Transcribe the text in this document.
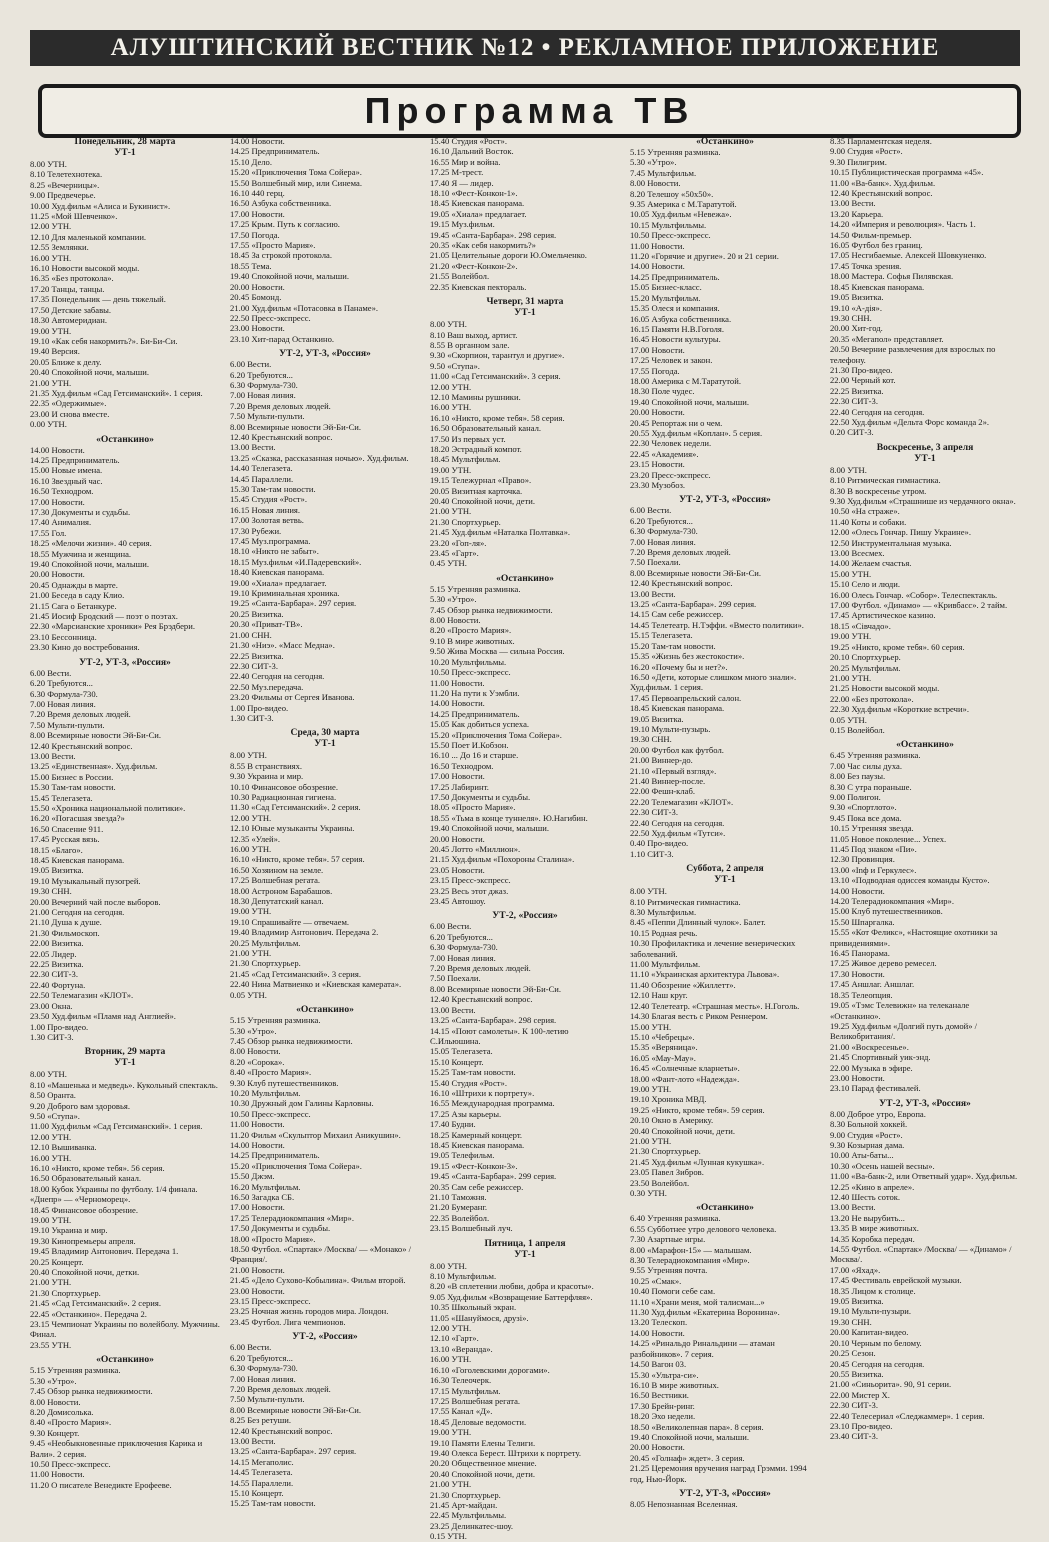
АЛУШТИНСКИЙ ВЕСТНИК №12 • РЕКЛАМНОЕ ПРИЛОЖЕНИЕ
Программа ТВ
Понедельник, 28 марта
УТ-1
8.00 УТН.
8.10 Телетехнотека.
8.25 «Вечерницы».
9.00 Предвечерье.
10.00 Худ.фильм «Алиса и Букинист».
11.25 «Мой Шевченко».
12.00 УТН.
12.10 Для маленькой компании.
12.55 Землянки.
16.00 УТН.
16.10 Новости высокой моды.
16.35 «Без протокола».
17.20 Танцы, танцы.
17.35 Понедельник — день тяжелый.
17.50 Детские забавы.
18.30 Автомеридиан.
19.00 УТН.
19.10 «Как себя накормить?». Би-Би-Си.
19.40 Версия.
20.05 Ближе к делу.
20.40 Спокойной ночи, малыши.
21.00 УТН.
21.35 Худ.фильм «Сад Гетсиманский». 1 серия.
22.35 «Одержимые».
23.00 И снова вместе.
0.00 УТН.
«Останкино»
14.00 Новости.
14.25 Предприниматель.
15.00 Новые имена.
16.10 Звездный час.
16.50 Технодром.
17.00 Новости.
17.30 Документы и судьбы.
17.40 Анималия.
17.55 Гол.
18.25 «Мелочи жизни». 40 серия.
18.55 Мужчина и женщина.
19.40 Спокойной ночи, малыши.
20.00 Новости.
20.45 Однажды в марте.
21.00 Беседа в саду Клио.
21.15 Сага о Бетанкуре.
21.45 Иосиф Бродский — поэт о поэтах.
22.30 «Марсианские хроники» Рея Брэдбери.
23.10 Бессонница.
23.30 Кино до востребования.
УТ-2, УТ-3, «Россия»
6.00 Вести.
6.20 Требуются...
6.30 Формула-730.
7.00 Новая линия.
7.20 Время деловых людей.
7.50 Мульти-пульти.
8.00 Всемирные новости Эй-Би-Си.
12.40 Крестьянский вопрос.
13.00 Вести.
13.25 «Единственная». Худ.фильм.
15.00 Бизнес в России.
15.30 Там-там новости.
15.45 Телегазета.
15.50 «Хроника национальной политики».
16.20 «Погасшая звезда?»
16.50 Спасение 911.
17.45 Русская вязь.
18.15 «Благо».
18.45 Киевская панорама.
19.05 Визитка.
19.10 Музыкальный пузогрей.
19.30 СНН.
20.00 Вечерний чай после выборов.
21.00 Сегодня на сегодня.
21.10 Душа к душе.
21.30 Фильмоскоп.
22.00 Визитка.
22.05 Лидер.
22.25 Визитка.
22.30 СИТ-3.
22.40 Фортуна.
22.50 Телемагазин «КЛОТ».
23.00 Окна.
23.50 Худ.фильм «Пламя над Англией».
1.00 Про-видео.
1.30 СИТ-3.
Вторник, 29 марта
УТ-1
8.00 УТН.
8.10 «Машенька и медведь». Кукольный спектакль.
8.50 Оранта.
9.20 Доброго вам здоровья.
9.50 «Ступа».
11.00 Худ.фильм «Сад Гетсиманский». 1 серия.
12.00 УТН.
12.10 Вышиванка.
16.00 УТН.
16.10 «Никто, кроме тебя». 56 серия.
16.50 Образовательный канал.
18.00 Кубок Украины по футболу. 1/4 финала. «Днепр» — «Черноморец».
18.45 Финансовое обозрение.
19.00 УТН.
19.10 Украина и мир.
19.30 Кинопремьеры апреля.
19.45 Владимир Антонович. Передача 1.
20.25 Концерт.
20.40 Спокойной ночи, детки.
21.00 УТН.
21.30 Спортхурьер.
21.45 «Сад Гетсиманский». 2 серия.
22.45 «Останкино». Передача 2.
23.15 Чемпионат Украины по волейболу. Мужчины. Финал.
23.55 УТН.
«Останкино»
5.15 Утренняя разминка.
5.30 «Утро».
7.45 Обзор рынка недвижимости.
8.00 Новости.
8.20 Домисолька.
8.40 «Просто Мария».
9.30 Концерт.
9.45 «Необыкновенные приключения Карика и Вали». 2 серия.
10.50 Пресс-экспресс.
11.00 Новости.
11.20 О писателе Венедикте Ерофееве.
14.00 Новости.
14.25 Предприниматель.
15.10 Дело.
15.20 «Приключения Тома Сойера».
15.50 Волшебный мир, или Синема.
16.10 440 герц.
16.50 Азбука собственника.
17.00 Новости.
17.25 Крым. Путь к согласию.
17.50 Погода.
17.55 «Просто Мария».
18.45 За строкой протокола.
18.55 Тема.
19.40 Спокойной ночи, малыши.
20.00 Новости.
20.45 Бомонд.
21.00 Худ.фильм «Потасовка в Панаме».
22.50 Пресс-экспресс.
23.00 Новости.
23.10 Хит-парад Останкино.
УТ-2, УТ-3, «Россия»
6.00 Вести.
6.20 Требуются...
6.30 Формула-730.
7.00 Новая линия.
7.20 Время деловых людей.
7.50 Мульти-пульти.
8.00 Всемирные новости Эй-Би-Си.
12.40 Крестьянский вопрос.
13.00 Вести.
13.25 «Сказка, рассказанная ночью». Худ.фильм.
14.40 Телегазета.
14.45 Параллели.
15.30 Там-там новости.
15.45 Студия «Рост».
16.15 Новая линия.
17.00 Золотая ветвь.
17.30 Рубежи.
17.45 Муз.программа.
18.10 «Никто не забыт».
18.15 Муз.фильм «И.Падеревский».
18.40 Киевская панорама.
19.00 «Хиала» предлагает.
19.10 Криминальная хроника.
19.25 «Санта-Барбара». 297 серия.
20.25 Визитка.
20.30 «Приват-ТВ».
21.00 СНН.
21.30 «Ниэ». «Масс Медна».
22.25 Визитка.
22.30 СИТ-3.
22.40 Сегодня на сегодня.
22.50 Муз.передача.
23.20 Фильмы от Сергея Иванова.
1.00 Про-видео.
1.30 СИТ-3.
Среда, 30 марта
УТ-1
8.00 УТН.
8.55 В странствиях.
9.30 Украина и мир.
10.10 Финансовое обозрение.
10.30 Радиационная гигиена.
11.30 «Сад Гетсиманский». 2 серия.
12.00 УТН.
12.10 Юные музыканты Украины.
12.35 «Улей».
16.00 УТН.
16.10 «Никто, кроме тебя». 57 серия.
16.50 Хозяином на земле.
17.25 Волшебная регата.
18.00 Астроном Барабашов.
18.30 Депутатский канал.
19.00 УТН.
19.10 Спрашивайте — отвечаем.
19.40 Владимир Антонович. Передача 2.
20.25 Мультфильм.
21.00 УТН.
21.30 Спортхурьер.
21.45 «Сад Гетсиманский». 3 серия.
22.40 Нина Матвиенко и «Киевская камерата».
0.05 УТН.
«Останкино»
5.15 Утренняя разминка.
5.30 «Утро».
7.45 Обзор рынка недвижимости.
8.00 Новости.
8.20 «Сорока».
8.40 «Просто Мария».
9.30 Клуб путешественников.
10.20 Мультфильм.
10.30 Дружный дом Галины Карловны.
10.50 Пресс-экспресс.
11.00 Новости.
11.20 Фильм «Скульптор Михаил Аникушин».
14.00 Новости.
14.25 Предприниматель.
15.20 «Приключения Тома Сойера».
15.50 Джэм.
16.20 Мультфильм.
16.50 Загадка СБ.
17.00 Новости.
17.25 Телерадиокомпания «Мир».
17.50 Документы и судьбы.
18.00 «Просто Мария».
18.50 Футбол. «Спартак» /Москва/ — «Монако» /Франция/.
21.00 Новости.
21.45 «Дело Сухово-Кобылина». Фильм второй.
23.00 Новости.
23.15 Пресс-экспресс.
23.25 Ночная жизнь городов мира. Лондон.
23.45 Футбол. Лига чемпионов.
УТ-2, «Россия»
6.00 Вести.
6.20 Требуются...
6.30 Формула-730.
7.00 Новая линия.
7.20 Время деловых людей.
7.50 Мульти-пульти.
8.00 Всемирные новости Эй-Би-Си.
8.25 Без ретуши.
12.40 Крестьянский вопрос.
13.00 Вести.
13.25 «Санта-Барбара». 297 серия.
14.15 Мегаполис.
14.45 Телегазета.
14.55 Параллели.
15.10 Концерт.
15.25 Там-там новости.
15.40 Студия «Рост».
16.10 Дальний Восток.
16.55 Мир и война.
17.25 М-трест.
17.40 Я — лидер.
18.10 «Фест-Конкон-1».
18.45 Киевская панорама.
19.05 «Хиала» предлагает.
19.15 Муз.фильм.
19.45 «Санта-Барбара». 298 серия.
20.35 «Как себя накормить?»
21.05 Целительные дороги Ю.Омельченко.
21.20 «Фест-Конкон-2».
21.55 Волейбол.
22.35 Киевская пектораль.
Четверг, 31 марта
УТ-1
8.00 УТН.
8.10 Ваш выход, артист.
8.55 В органном зале.
9.30 «Скорпион, тарантул и другие».
9.50 «Ступа».
11.00 «Сад Гетсиманский». 3 серия.
12.00 УТН.
12.10 Мамины рушники.
16.00 УТН.
16.10 «Никто, кроме тебя». 58 серия.
16.50 Образовательный канал.
17.50 Из первых уст.
18.20 Эстрадный компот.
18.45 Мультфильм.
19.00 УТН.
19.15 Тележурнал «Право».
20.05 Визитная карточка.
20.40 Спокойной ночи, дети.
21.00 УТН.
21.30 Спортхурьер.
21.45 Худ.фильм «Наталка Полтавка».
23.20 «Гоп-ля».
23.45 «Гарт».
0.45 УТН.
«Останкино»
5.15 Утренняя разминка.
5.30 «Утро».
7.45 Обзор рынка недвижимости.
8.00 Новости.
8.20 «Просто Мария».
9.10 В мире животных.
9.50 Жива Москва — сильна Россия.
10.20 Мультфильмы.
10.50 Пресс-экспресс.
11.00 Новости.
11.20 На пути к Уэмбли.
14.00 Новости.
14.25 Предприниматель.
15.05 Как добиться успеха.
15.20 «Приключения Тома Сойера».
15.50 Поет И.Кобзон.
16.10 ... До 16 и старше.
16.50 Технодром.
17.00 Новости.
17.25 Лабиринт.
17.50 Документы и судьбы.
18.05 «Просто Мария».
18.55 «Тьма в конце туннеля». Ю.Нагибин.
19.40 Спокойной ночи, малыши.
20.00 Новости.
20.45 Лотто «Миллион».
21.15 Худ.фильм «Похороны Сталина».
23.05 Новости.
23.15 Пресс-экспресс.
23.25 Весь этот джаз.
23.45 Автошоу.
УТ-2, «Россия»
6.00 Вести.
6.20 Требуются...
6.30 Формула-730.
7.00 Новая линия.
7.20 Время деловых людей.
7.50 Поехали.
8.00 Всемирные новости Эй-Би-Си.
12.40 Крестьянский вопрос.
13.00 Вести.
13.25 «Санта-Барбара». 298 серия.
14.15 «Поют самолеты». К 100-летию С.Ильюшина.
15.05 Телегазета.
15.10 Концерт.
15.25 Там-там новости.
15.40 Студия «Рост».
16.10 «Штрихи к портрету».
16.55 Международная программа.
17.25 Азы карьеры.
17.40 Будни.
18.25 Камерный концерт.
18.45 Киевская панорама.
19.05 Телефильм.
19.15 «Фест-Конкон-3».
19.45 «Санта-Барбара». 299 серия.
20.35 Сам себе режиссер.
21.10 Таможня.
21.20 Бумеранг.
22.35 Волейбол.
23.15 Волшебный луч.
Пятница, 1 апреля
УТ-1
8.00 УТН.
8.10 Мультфильм.
8.20 «В сплетении любви, добра и красоты».
9.05 Худ.фильм «Возвращение Баттерфляя».
10.35 Школьный экран.
11.05 «Шануймося, друзі».
12.00 УТН.
12.10 «Гарт».
13.10 «Веранда».
16.00 УТН.
16.10 «Гоголевскими дорогами».
16.30 Телеочерк.
17.15 Мультфильм.
17.25 Волшебная регата.
17.55 Канал «Д».
18.45 Деловые ведомости.
19.00 УТН.
19.10 Памяти Елены Телиги.
19.40 Олекса Берест. Штрихи к портрету.
20.20 Общественное мнение.
20.40 Спокойной ночи, дети.
21.00 УТН.
21.30 Спортхурьер.
21.45 Арт-майдан.
22.45 Мультфильмы.
23.25 Делинкатес-шоу.
0.15 УТН.
«Останкино»
5.15 Утренняя разминка.
5.30 «Утро».
7.45 Мультфильм.
8.00 Новости.
8.20 Телешоу «50х50».
9.35 Америка с М.Таратутой.
10.05 Худ.фильм «Невежа».
10.15 Мультфильмы.
10.50 Пресс-экспресс.
11.00 Новости.
11.20 «Горячие и другие». 20 и 21 серии.
14.00 Новости.
14.25 Предприниматель.
15.05 Бизнес-класс.
15.20 Мультфильм.
15.35 Олеся и компания.
16.05 Азбука собственника.
16.15 Памяти Н.В.Гоголя.
16.45 Новости культуры.
17.00 Новости.
17.25 Человек и закон.
17.55 Погода.
18.00 Америка с М.Таратутой.
18.30 Поле чудес.
19.40 Спокойной ночи, малыши.
20.00 Новости.
20.45 Репортаж ни о чем.
20.55 Худ.фильм «Коплан». 5 серия.
22.30 Человек недели.
22.45 «Академия».
23.15 Новости.
23.20 Пресс-экспресс.
23.30 Музобоз.
УТ-2, УТ-3, «Россия»
6.00 Вести.
6.20 Требуются...
6.30 Формула-730.
7.00 Новая линия.
7.20 Время деловых людей.
7.50 Поехали.
8.00 Всемирные новости Эй-Би-Си.
12.40 Крестьянский вопрос.
13.00 Вести.
13.25 «Санта-Барбара». 299 серия.
14.15 Сам себе режиссер.
14.45 Телетеатр. Н.Тэффи. «Вместо политики».
15.15 Телегазета.
15.20 Там-там новости.
15.35 «Жизнь без жестокости».
16.20 «Почему бы и нет?».
16.50 «Дети, которые слишком много знали». Худ.фильм. 1 серия.
17.45 Первоапрельский салон.
18.45 Киевская панорама.
19.05 Визитка.
19.10 Мульти-пузырь.
19.30 СНН.
20.00 Футбол как футбол.
21.00 Виннер-до.
21.10 «Первый взгляд».
21.40 Виннер-после.
22.00 Фешн-клаб.
22.20 Телемагазин «КЛОТ».
22.30 СИТ-3.
22.40 Сегодня на сегодня.
22.50 Худ.фильм «Тутси».
0.40 Про-видео.
1.10 СИТ-3.
Суббота, 2 апреля
УТ-1
8.00 УТН.
8.10 Ритмическая гимнастика.
8.30 Мультфильм.
8.45 «Пеппи Длинный чулок». Балет.
10.15 Родная речь.
10.30 Профилактика и лечение венерических заболеваний.
11.00 Мультфильм.
11.10 «Украинская архитектура Львова».
11.40 Обозрение «Жиллетт».
12.10 Наш круг.
12.40 Телетеатр. «Страшная месть». Н.Гоголь.
14.30 Благая весть с Риком Реннером.
15.00 УТН.
15.10 «Чебрецы».
15.35 «Веряница».
16.05 «Мау-Мау».
16.45 «Солнечные кларнеты».
18.00 «Фант-лото «Надежда».
19.00 УТН.
19.10 Хроника МВД.
19.25 «Никто, кроме тебя». 59 серия.
20.10 Окно в Америку.
20.40 Спокойной ночи, дети.
21.00 УТН.
21.30 Спортхурьер.
21.45 Худ.фильм «Лунная кукушка».
23.05 Павел Зибров.
23.50 Волейбол.
0.30 УТН.
«Останкино»
6.40 Утренняя разминка.
6.55 Субботнее утро делового человека.
7.30 Азартные игры.
8.00 «Марафон-15» — малышам.
8.30 Телерадиокомпания «Мир».
9.55 Утренняя почта.
10.25 «Смак».
10.40 Помоги себе сам.
11.10 «Храни меня, мой талисман...»
11.30 Худ.фильм «Екатерина Воронина».
13.20 Телескоп.
14.00 Новости.
14.25 «Ринальдо Ринальдини — атаман разбойников». 7 серия.
14.50 Вагон 03.
15.30 «Ультра-си».
16.10 В мире животных.
16.50 Вестники.
17.30 Брейн-ринг.
18.20 Эхо недели.
18.50 «Великолепная пара». 8 серия.
19.40 Спокойной ночи, малыши.
20.00 Новости.
20.45 «Голнаф» ждет». 3 серия.
21.25 Церемония вручения наград Грэмми. 1994 год, Нью-Йорк.
УТ-2, УТ-3, «Россия»
8.05 Непознанная Вселенная.
8.35 Парламентская неделя.
9.00 Студия «Рост».
9.30 Пилигрим.
10.15 Публицистическая программа «45».
11.00 «Ва-банк». Худ.фильм.
12.40 Крестьянский вопрос.
13.00 Вести.
13.20 Карьера.
14.20 «Империя и революция». Часть 1.
14.50 Фильм-премьер.
16.05 Футбол без границ.
17.05 Несгибаемые. Алексей Шовкуненко.
17.45 Точка зрения.
18.00 Мастера. Софья Пилявская.
18.45 Киевская панорама.
19.05 Визитка.
19.10 «А-дія».
19.30 СНН.
20.00 Хит-год.
20.35 «Мегапол» представляет.
20.50 Вечерние развлечения для взрослых по телефону.
21.30 Про-видео.
22.00 Черный кот.
22.25 Визитка.
22.30 СИТ-3.
22.40 Сегодня на сегодня.
22.50 Худ.фильм «Дельта Форс команда 2».
0.20 СИТ-3.
Воскресенье, 3 апреля
УТ-1
8.00 УТН.
8.10 Ритмическая гимнастика.
8.30 В воскресенье утром.
9.30 Худ.фильм «Страшнише из чердачного окна».
10.50 «На страже».
11.40 Коты и собаки.
12.00 «Олесь Гончар. Пишу Украине».
12.50 Инструментальная музыка.
13.00 Всесмех.
14.00 Желаем счастья.
15.00 УТН.
15.10 Село и люди.
16.00 Олесь Гончар. «Собор». Телеспектакль.
17.00 Футбол. «Динамо» — «Кривбасс». 2 тайм.
17.45 Артистическое казино.
18.15 «Сівчадо».
19.00 УТН.
19.25 «Никто, кроме тебя». 60 серия.
20.10 Спортхурьер.
20.25 Мультфильм.
21.00 УТН.
21.25 Новости высокой моды.
22.00 «Без протокола».
22.30 Худ.фильм «Короткие встречи».
0.05 УТН.
0.15 Волейбол.
«Останкино»
6.45 Утренняя разминка.
7.00 Час силы духа.
8.00 Без паузы.
8.30 С утра пораньше.
9.00 Полигон.
9.30 «Спортлото».
9.45 Пока все дома.
10.15 Утренняя звезда.
11.05 Новое поколение... Успех.
11.45 Под знаком «Пи».
12.30 Провинция.
13.00 «Inф и Геркулес».
13.10 «Подводная одиссея команды Кусто».
14.00 Новости.
14.20 Телерадиокомпания «Мир».
15.00 Клуб путешественников.
15.50 Шпаргалка.
15.55 «Кот Феликс», «Настоящие охотники за привидениями».
16.45 Панорама.
17.25 Живое дерево ремесел.
17.30 Новости.
17.45 Аншлаг. Аншлаг.
18.35 Телеопция.
19.05 «Тэмс Телевижн» на телеканале «Останкино».
19.25 Худ.фильм «Долгий путь домой» /Великобритания/.
21.00 «Воскресенье».
21.45 Спортивный уик-энд.
22.00 Музыка в эфире.
23.00 Новости.
23.10 Парад фестивалей.
УТ-2, УТ-3, «Россия»
8.00 Доброе утро, Европа.
8.30 Больной хоккей.
9.00 Студия «Рост».
9.30 Козырная дама.
10.00 Аты-баты...
10.30 «Осень нашей весны».
11.00 «Ва-банк-2, или Ответный удар». Худ.фильм.
12.25 «Кино в апреле».
12.40 Шесть соток.
13.00 Вести.
13.20 Не вырубить...
13.35 В мире животных.
14.35 Коробка передач.
14.55 Футбол. «Спартак» /Москва/ — «Динамо» /Москва/.
17.00 «Яхад».
17.45 Фестиваль еврейской музыки.
18.35 Лицом к столице.
19.05 Визитка.
19.10 Мульти-пузыри.
19.30 СНН.
20.00 Капитан-видео.
20.10 Черным по белому.
20.25 Сезон.
20.45 Сегодня на сегодня.
20.55 Визитка.
21.00 «Синьорита». 90, 91 серии.
22.00 Мистер Х.
22.30 СИТ-3.
22.40 Телесериал «Следжаммер». 1 серия.
23.10 Про-видео.
23.40 СИТ-3.
